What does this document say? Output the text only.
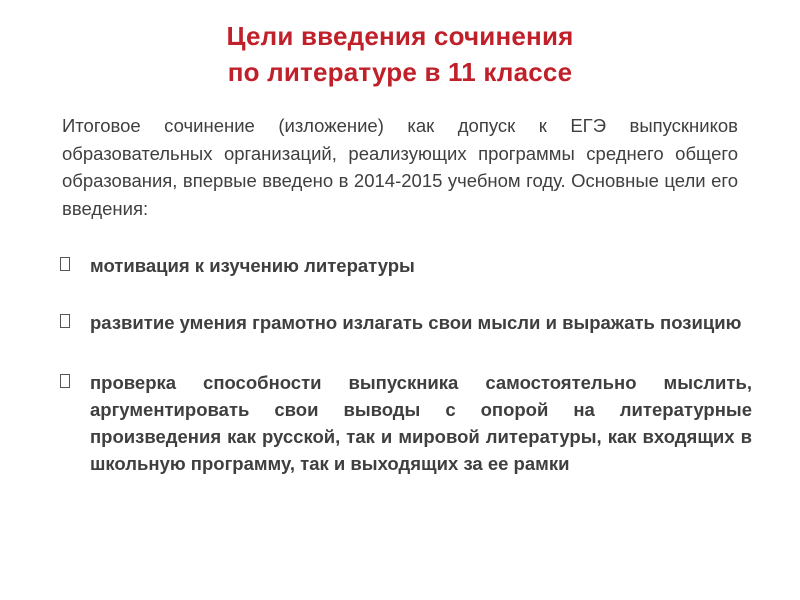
Цели введения сочинения
по литературе в 11 классе
Итоговое сочинение (изложение) как допуск к ЕГЭ выпускников образовательных организаций, реализующих программы среднего общего образования, впервые введено в 2014-2015 учебном году. Основные цели его введения:
мотивация к изучению литературы
развитие умения грамотно излагать свои мысли и выражать позицию
проверка способности выпускника самостоятельно мыслить, аргументировать свои выводы с опорой на литературные произведения как русской, так и мировой литературы, как входящих в школьную программу, так и выходящих за ее рамки
